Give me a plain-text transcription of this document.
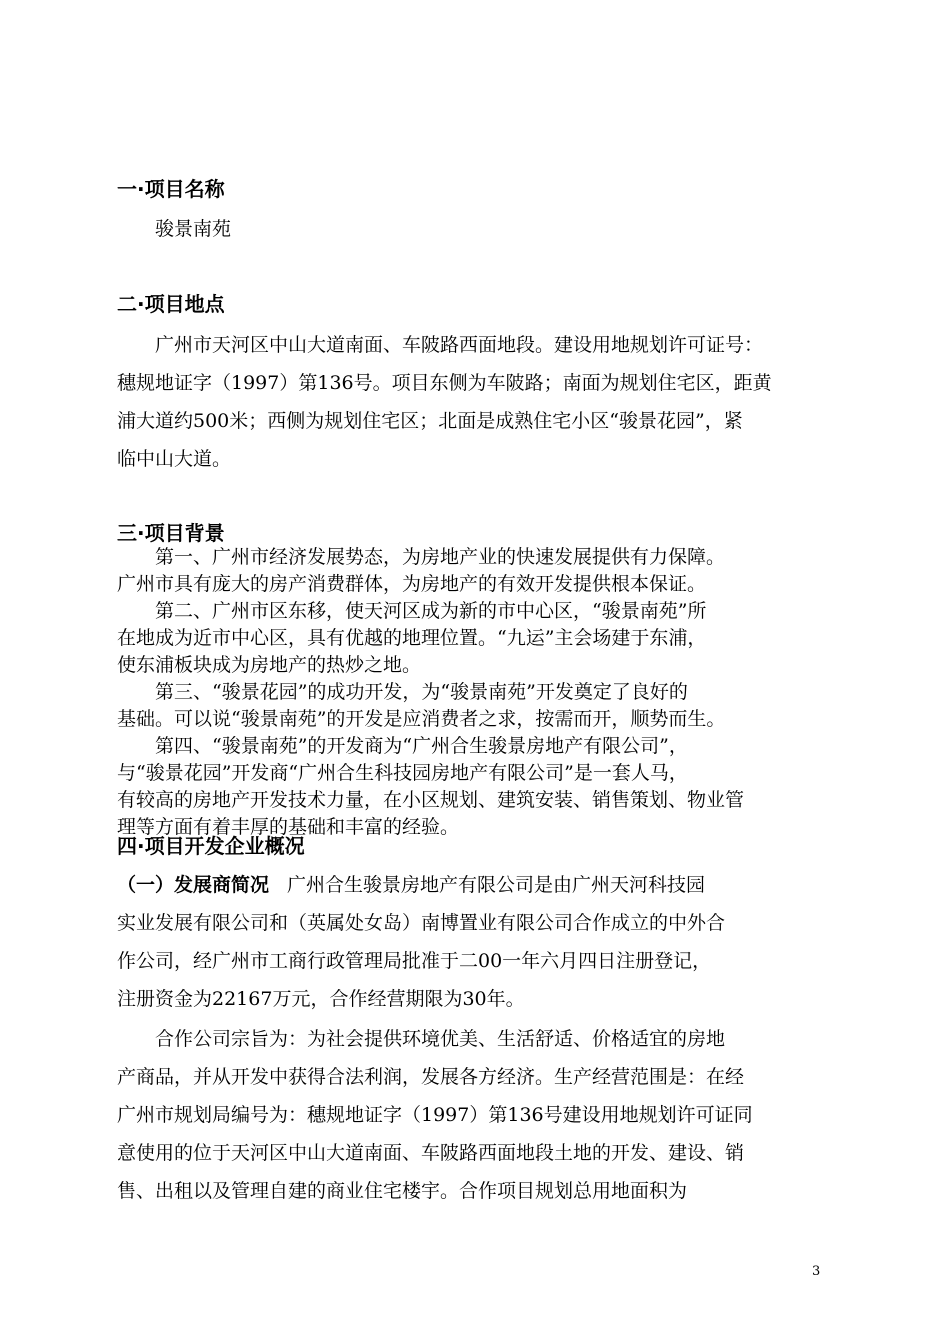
一·项目名称
骏景南苑
二·项目地点
广州市天河区中山大道南面、车陂路西面地段。建设用地规划许可证号：
穗规地证字（1997）第136号。项目东侧为车陂路；南面为规划住宅区，距黄
浦大道约500米；西侧为规划住宅区；北面是成熟住宅小区“骏景花园”，紧
临中山大道。
三·项目背景
第一、广州市经济发展势态，为房地产业的快速发展提供有力保障。
广州市具有庞大的房产消费群体，为房地产的有效开发提供根本保证。
第二、广州市区东移，使天河区成为新的市中心区，“骏景南苑”所
在地成为近市中心区，具有优越的地理位置。“九运”主会场建于东浦，
使东浦板块成为房地产的热炒之地。
第三、“骏景花园”的成功开发，为“骏景南苑”开发奠定了良好的
基础。可以说“骏景南苑”的开发是应消费者之求，按需而开，顺势而生。
第四、“骏景南苑”的开发商为“广州合生骏景房地产有限公司”，
与“骏景花园”开发商“广州合生科技园房地产有限公司”是一套人马，
有较高的房地产开发技术力量，在小区规划、建筑安装、销售策划、物业管
理等方面有着丰厚的基础和丰富的经验。
四·项目开发企业概况
（一）发展商简况 广州合生骏景房地产有限公司是由广州天河科技园
实业发展有限公司和（英属处女岛）南博置业有限公司合作成立的中外合
作公司，经广州市工商行政管理局批准于二00一年六月四日注册登记，
注册资金为22167万元，合作经营期限为30年。
合作公司宗旨为：为社会提供环境优美、生活舒适、价格适宜的房地
产商品，并从开发中获得合法利润，发展各方经济。生产经营范围是：在经
广州市规划局编号为：穗规地证字（1997）第136号建设用地规划许可证同
意使用的位于天河区中山大道南面、车陂路西面地段土地的开发、建设、销
售、出租以及管理自建的商业住宅楼宇。合作项目规划总用地面积为
3
